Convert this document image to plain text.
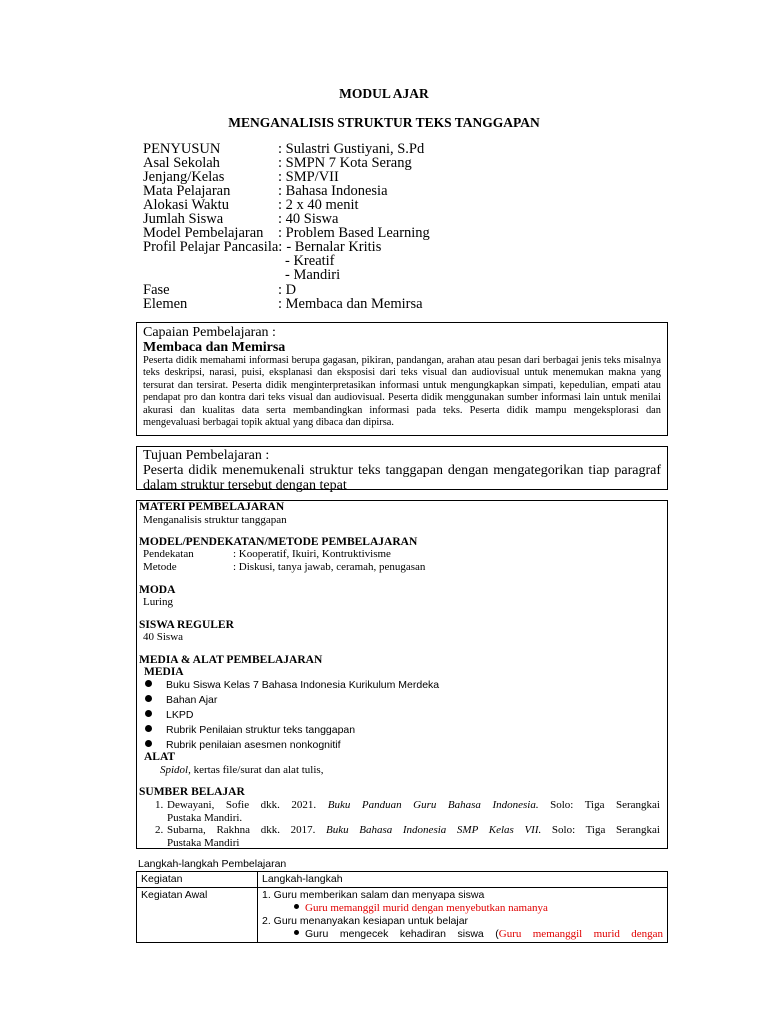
MODUL AJAR
MENGANALISIS STRUKTUR TEKS TANGGAPAN
PENYUSUN	: Sulastri Gustiyani, S.Pd
Asal Sekolah	: SMPN 7 Kota Serang
Jenjang/Kelas	: SMP/VII
Mata Pelajaran	: Bahasa Indonesia
Alokasi Waktu	: 2 x 40 menit
Jumlah Siswa	: 40 Siswa
Model Pembelajaran : Problem Based Learning
Profil Pelajar Pancasila: - Bernalar Kritis
- Kreatif
- Mandiri
Fase	: D
Elemen	: Membaca dan Memirsa
Capaian Pembelajaran :
Membaca dan Memirsa
Peserta didik memahami informasi berupa gagasan, pikiran, pandangan, arahan atau pesan dari berbagai jenis teks misalnya teks deskripsi, narasi, puisi, eksplanasi dan eksposisi dari teks visual dan audiovisual untuk menemukan makna yang tersurat dan tersirat. Peserta didik menginterpretasikan informasi untuk mengungkapkan simpati, kepedulian, empati atau pendapat pro dan kontra dari teks visual dan audiovisual. Peserta didik menggunakan sumber informasi lain untuk menilai akurasi dan kualitas data serta membandingkan informasi pada teks. Peserta didik mampu mengeksplorasi dan mengevaluasi berbagai topik aktual yang dibaca dan dipirsa.
Tujuan Pembelajaran :
Peserta didik menemukenali struktur teks tanggapan dengan mengategorikan tiap paragraf dalam struktur tersebut dengan tepat
MATERI PEMBELAJARAN
Menganalisis struktur tanggapan
MODEL/PENDEKATAN/METODE PEMBELAJARAN
Pendekatan	: Kooperatif, Ikuiri, Kontruktivisme
Metode	: Diskusi, tanya jawab, ceramah, penugasan
MODA
Luring
SISWA REGULER
40 Siswa
MEDIA & ALAT PEMBELAJARAN
MEDIA
Buku Siswa Kelas 7 Bahasa Indonesia Kurikulum Merdeka
Bahan Ajar
LKPD
Rubrik Penilaian struktur teks tanggapan
Rubrik penilaian asesmen nonkognitif
ALAT
Spidol, kertas file/surat dan alat tulis,
SUMBER BELAJAR
1. Dewayani, Sofie dkk. 2021. Buku Panduan Guru Bahasa Indonesia. Solo: Tiga Serangkai
Pustaka Mandiri.
2. Subarna, Rakhna dkk. 2017. Buku Bahasa Indonesia SMP Kelas VII. Solo: Tiga Serangkai
Pustaka Mandiri
Langkah-langkah Pembelajaran
Kegiatan	Langkah-langkah
Kegiatan Awal	1. Guru memberikan salam dan menyapa siswa
Guru memanggil murid dengan menyebutkan namanya
2. Guru menanyakan kesiapan untuk belajar
Guru mengecek kehadiran siswa (Guru memanggil murid dengan
